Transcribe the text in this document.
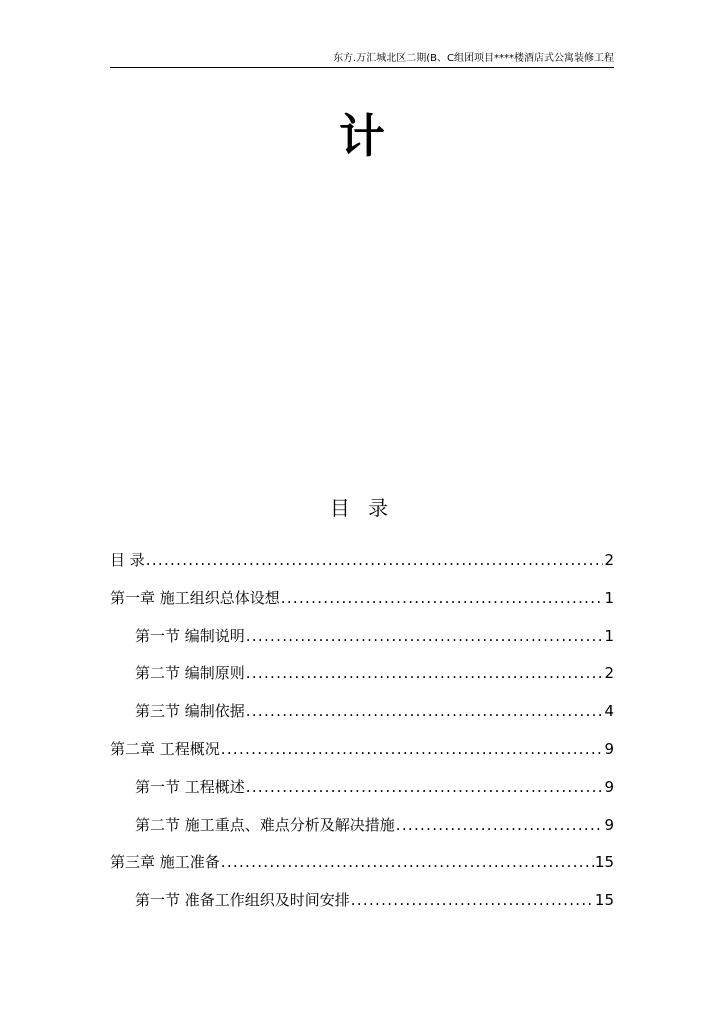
东方.万汇城北区二期(B、C组团项目****楼酒店式公寓装修工程
计
目 录
目 录 .....	2
第一章 施工组织总体设想 .....	1
第一节 编制说明 .....	1
第二节 编制原则 .....	2
第三节 编制依据 .....	4
第二章 工程概况 .....	9
第一节 工程概述 .....	9
第二节 施工重点、难点分析及解决措施 .....	9
第三章 施工准备 .....	15
第一节 准备工作组织及时间安排 .....	15
